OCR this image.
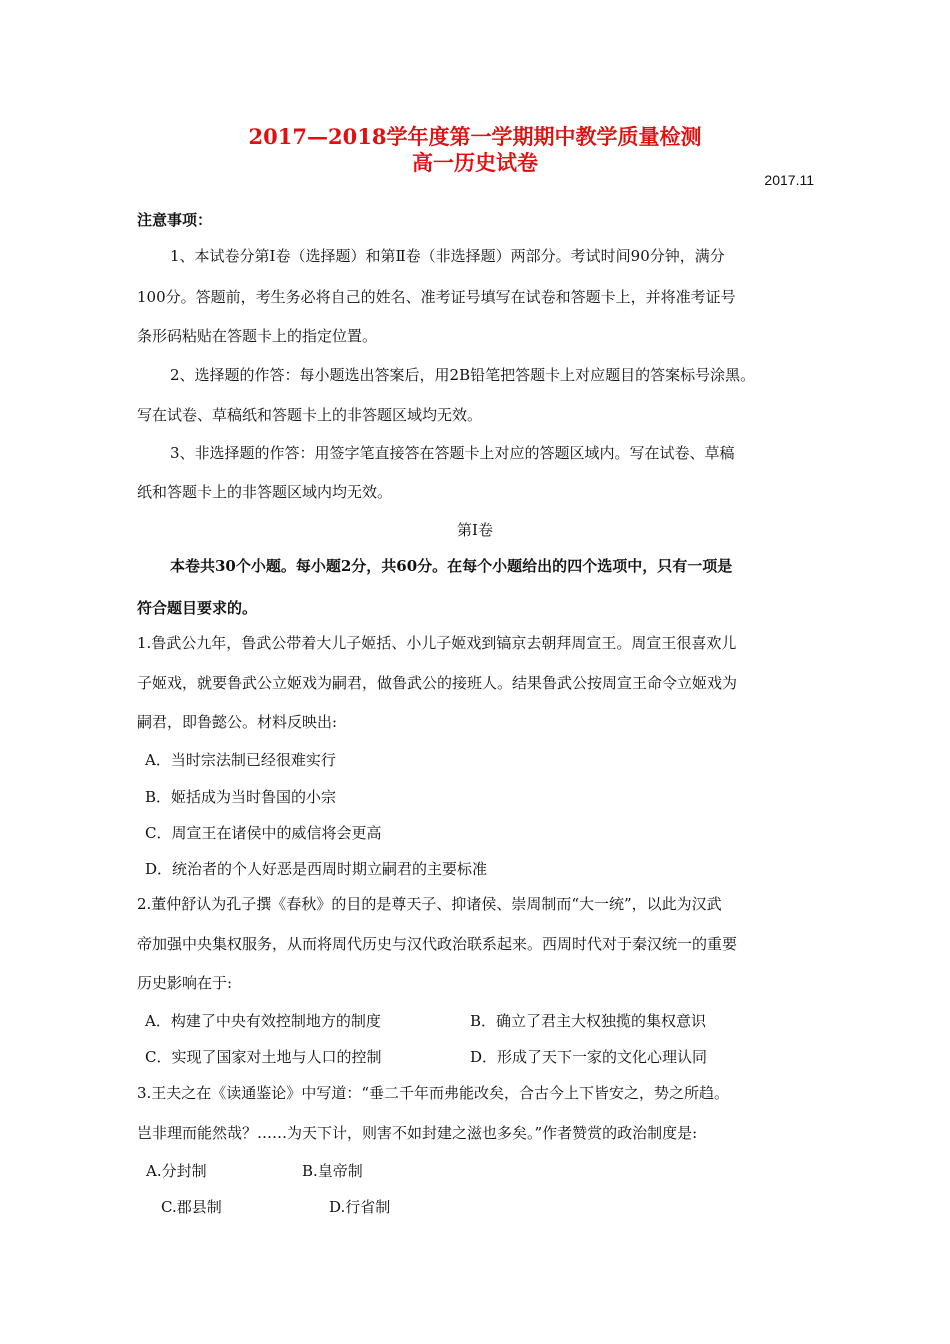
2017—2018学年度第一学期期中教学质量检测
高一历史试卷
2017.11
注意事项：
1、本试卷分第Ⅰ卷（选择题）和第Ⅱ卷（非选择题）两部分。考试时间90分钟，满分
100分。答题前，考生务必将自己的姓名、准考证号填写在试卷和答题卡上，并将准考证号
条形码粘贴在答题卡上的指定位置。
2、选择题的作答：每小题选出答案后，用2B铅笔把答题卡上对应题目的答案标号涂黑。
写在试卷、草稿纸和答题卡上的非答题区域均无效。
3、非选择题的作答：用签字笔直接答在答题卡上对应的答题区域内。写在试卷、草稿
纸和答题卡上的非答题区域内均无效。
第Ⅰ卷
本卷共30个小题。每小题2分，共60分。在每个小题给出的四个选项中，只有一项是
符合题目要求的。
1.鲁武公九年，鲁武公带着大儿子姬括、小儿子姬戏到镐京去朝拜周宣王。周宣王很喜欢儿
子姬戏，就要鲁武公立姬戏为嗣君，做鲁武公的接班人。结果鲁武公按周宣王命令立姬戏为
嗣君，即鲁懿公。材料反映出:
A．当时宗法制已经很难实行
B．姬括成为当时鲁国的小宗
C．周宣王在诸侯中的威信将会更高
D．统治者的个人好恶是西周时期立嗣君的主要标准
2.董仲舒认为孔子撰《春秋》的目的是尊天子、抑诸侯、崇周制而“大一统”，以此为汉武
帝加强中央集权服务，从而将周代历史与汉代政治联系起来。西周时代对于秦汉统一的重要
历史影响在于:
A．构建了中央有效控制地方的制度	B．确立了君主大权独揽的集权意识
C．实现了国家对土地与人口的控制	D．形成了天下一家的文化心理认同
3.王夫之在《读通鉴论》中写道：“垂二千年而弗能改矣，合古今上下皆安之，势之所趋。
岂非理而能然哉？……为天下计，则害不如封建之滋也多矣。”作者赞赏的政治制度是:
A.分封制	B.皇帝制
C.郡县制	D.行省制
